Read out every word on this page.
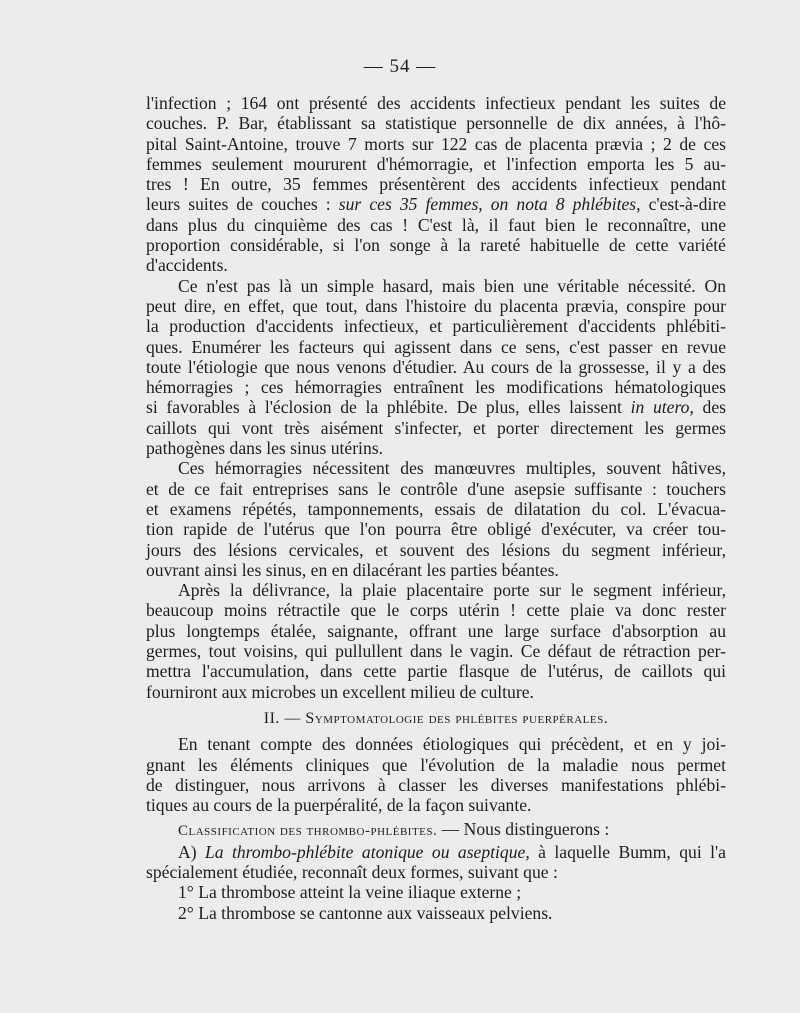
— 54 —
l'infection ; 164 ont présenté des accidents infectieux pendant les suites de
couches. P. Bar, établissant sa statistique personnelle de dix années, à l'hô-
pital Saint-Antoine, trouve 7 morts sur 122 cas de placenta prævia ; 2 de ces
femmes seulement moururent d'hémorragie, et l'infection emporta les 5 au-
tres ! En outre, 35 femmes présentèrent des accidents infectieux pendant
leurs suites de couches : sur ces 35 femmes, on nota 8 phlébites, c'est-à-dire
dans plus du cinquième des cas ! C'est là, il faut bien le reconnaître, une
proportion considérable, si l'on songe à la rareté habituelle de cette variété
d'accidents.
Ce n'est pas là un simple hasard, mais bien une véritable nécessité. On
peut dire, en effet, que tout, dans l'histoire du placenta prævia, conspire pour
la production d'accidents infectieux, et particulièrement d'accidents phlébiti-
ques. Enumérer les facteurs qui agissent dans ce sens, c'est passer en revue
toute l'étiologie que nous venons d'étudier. Au cours de la grossesse, il y a des
hémorragies ; ces hémorragies entraînent les modifications hématologiques
si favorables à l'éclosion de la phlébite. De plus, elles laissent in utero, des
caillots qui vont très aisément s'infecter, et porter directement les germes
pathogènes dans les sinus utérins.
Ces hémorragies nécessitent des manœuvres multiples, souvent hâtives,
et de ce fait entreprises sans le contrôle d'une asepsie suffisante : touchers
et examens répétés, tamponnements, essais de dilatation du col. L'évacua-
tion rapide de l'utérus que l'on pourra être obligé d'exécuter, va créer tou-
jours des lésions cervicales, et souvent des lésions du segment inférieur,
ouvrant ainsi les sinus, en en dilacérant les parties béantes.
Après la délivrance, la plaie placentaire porte sur le segment inférieur,
beaucoup moins rétractile que le corps utérin ! cette plaie va donc rester
plus longtemps étalée, saignante, offrant une large surface d'absorption au
germes, tout voisins, qui pullullent dans le vagin. Ce défaut de rétraction per-
mettra l'accumulation, dans cette partie flasque de l'utérus, de caillots qui
fourniront aux microbes un excellent milieu de culture.
II. — Symptomatologie des phlébites puerpérales.
En tenant compte des données étiologiques qui précèdent, et en y joi-
gnant les éléments cliniques que l'évolution de la maladie nous permet
de distinguer, nous arrivons à classer les diverses manifestations phlébi-
tiques au cours de la puerpéralité, de la façon suivante.
Classification des thrombo-phlébites. — Nous distinguerons :
A) La thrombo-phlébite atonique ou aseptique, à laquelle Bumm, qui l'a
spécialement étudiée, reconnaît deux formes, suivant que :
1° La thrombose atteint la veine iliaque externe ;
2° La thrombose se cantonne aux vaisseaux pelviens.
